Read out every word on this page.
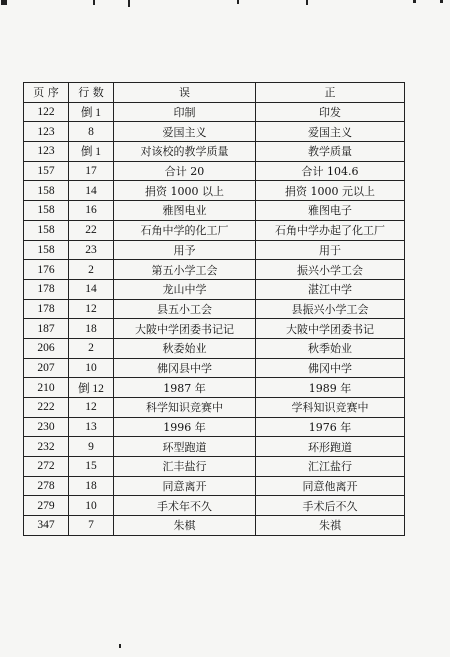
页 序	行 数	误	正
122	倒 1	印制	印发
123	8	爱国主义	爱国主义
123	倒 1	对该校的教学质量	教学质量
157	17	合计 20	合计 104.6
158	14	捐资 1000 以上	捐资 1000 元以上
158	16	雅图电业	雅图电子
158	22	石角中学的化工厂	石角中学办起了化工厂
158	23	用予	用于
176	2	第五小学工会	振兴小学工会
178	14	龙山中学	湛江中学
178	12	县五小工会	县振兴小学工会
187	18	大陂中学团委书记记	大陂中学团委书记
206	2	秋委始业	秋季始业
207	10	佛冈县中学	佛冈中学
210	倒 12	1987 年	1989 年
222	12	科学知识竞赛中	学科知识竞赛中
230	13	1996 年	1976 年
232	9	环型跑道	环形跑道
272	15	汇丰盐行	汇江盐行
278	18	同意离开	同意他离开
279	10	手术年不久	手术后不久
347	7	朱棋	朱祺
